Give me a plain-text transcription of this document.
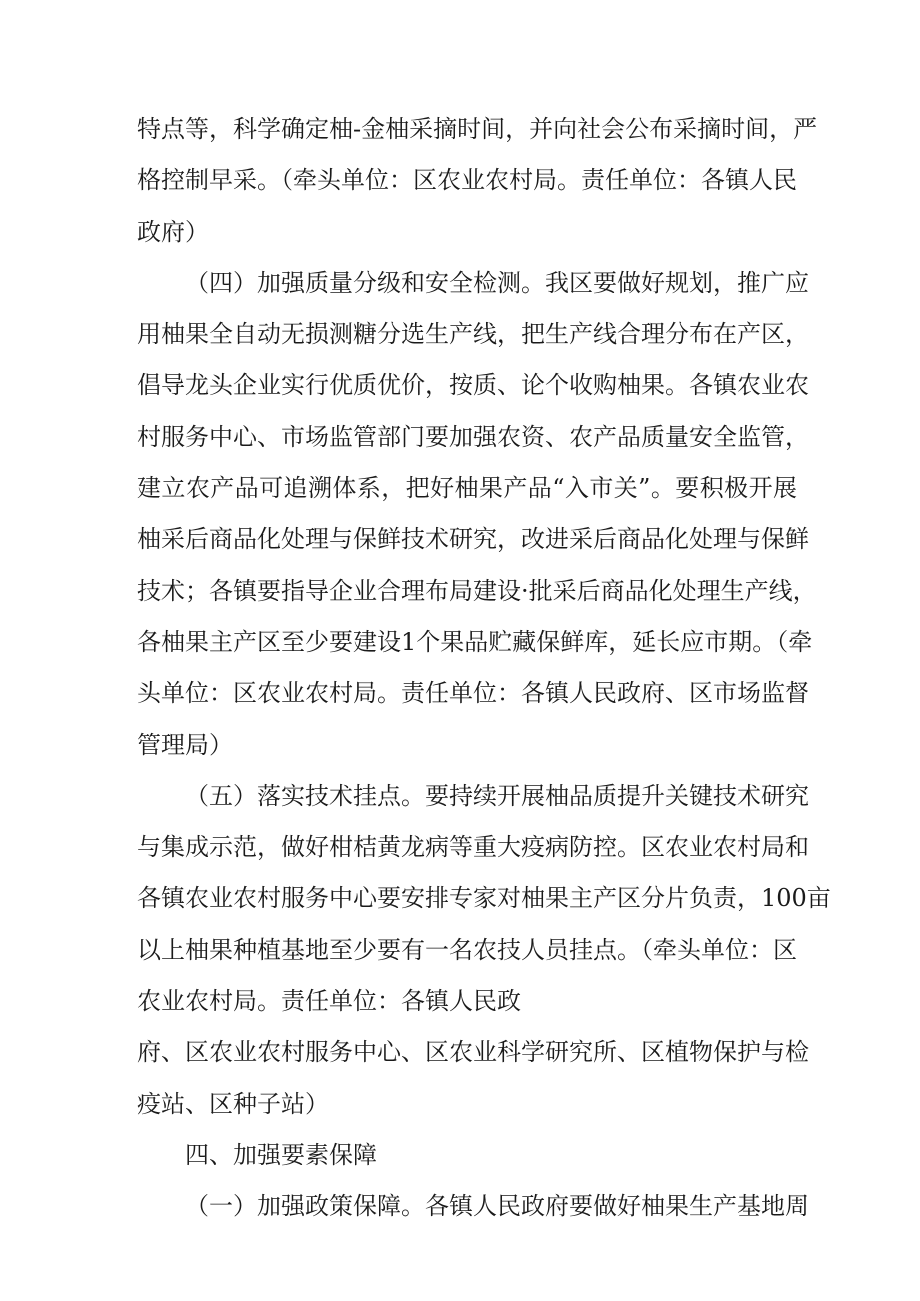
特点等，科学确定柚-金柚采摘时间，并向社会公布采摘时间，严
格控制早采。（牵头单位：区农业农村局。责任单位：各镇人民
政府）
（四）加强质量分级和安全检测。我区要做好规划，推广应
用柚果全自动无损测糖分选生产线，把生产线合理分布在产区，
倡导龙头企业实行优质优价，按质、论个收购柚果。各镇农业农
村服务中心、市场监管部门要加强农资、农产品质量安全监管，
建立农产品可追溯体系，把好柚果产品“入市关”。要积极开展
柚采后商品化处理与保鲜技术研究，改进采后商品化处理与保鲜
技术；各镇要指导企业合理布局建设·批采后商品化处理生产线，
各柚果主产区至少要建设1个果品贮藏保鲜库，延长应市期。（牵
头单位：区农业农村局。责任单位：各镇人民政府、区市场监督
管理局）
（五）落实技术挂点。要持续开展柚品质提升关键技术研究
与集成示范，做好柑桔黄龙病等重大疫病防控。区农业农村局和
各镇农业农村服务中心要安排专家对柚果主产区分片负责，100亩
以上柚果种植基地至少要有一名农技人员挂点。（牵头单位：区
农业农村局。责任单位：各镇人民政
府、区农业农村服务中心、区农业科学研究所、区植物保护与检
疫站、区种子站）
四、加强要素保障
（一）加强政策保障。各镇人民政府要做好柚果生产基地周
